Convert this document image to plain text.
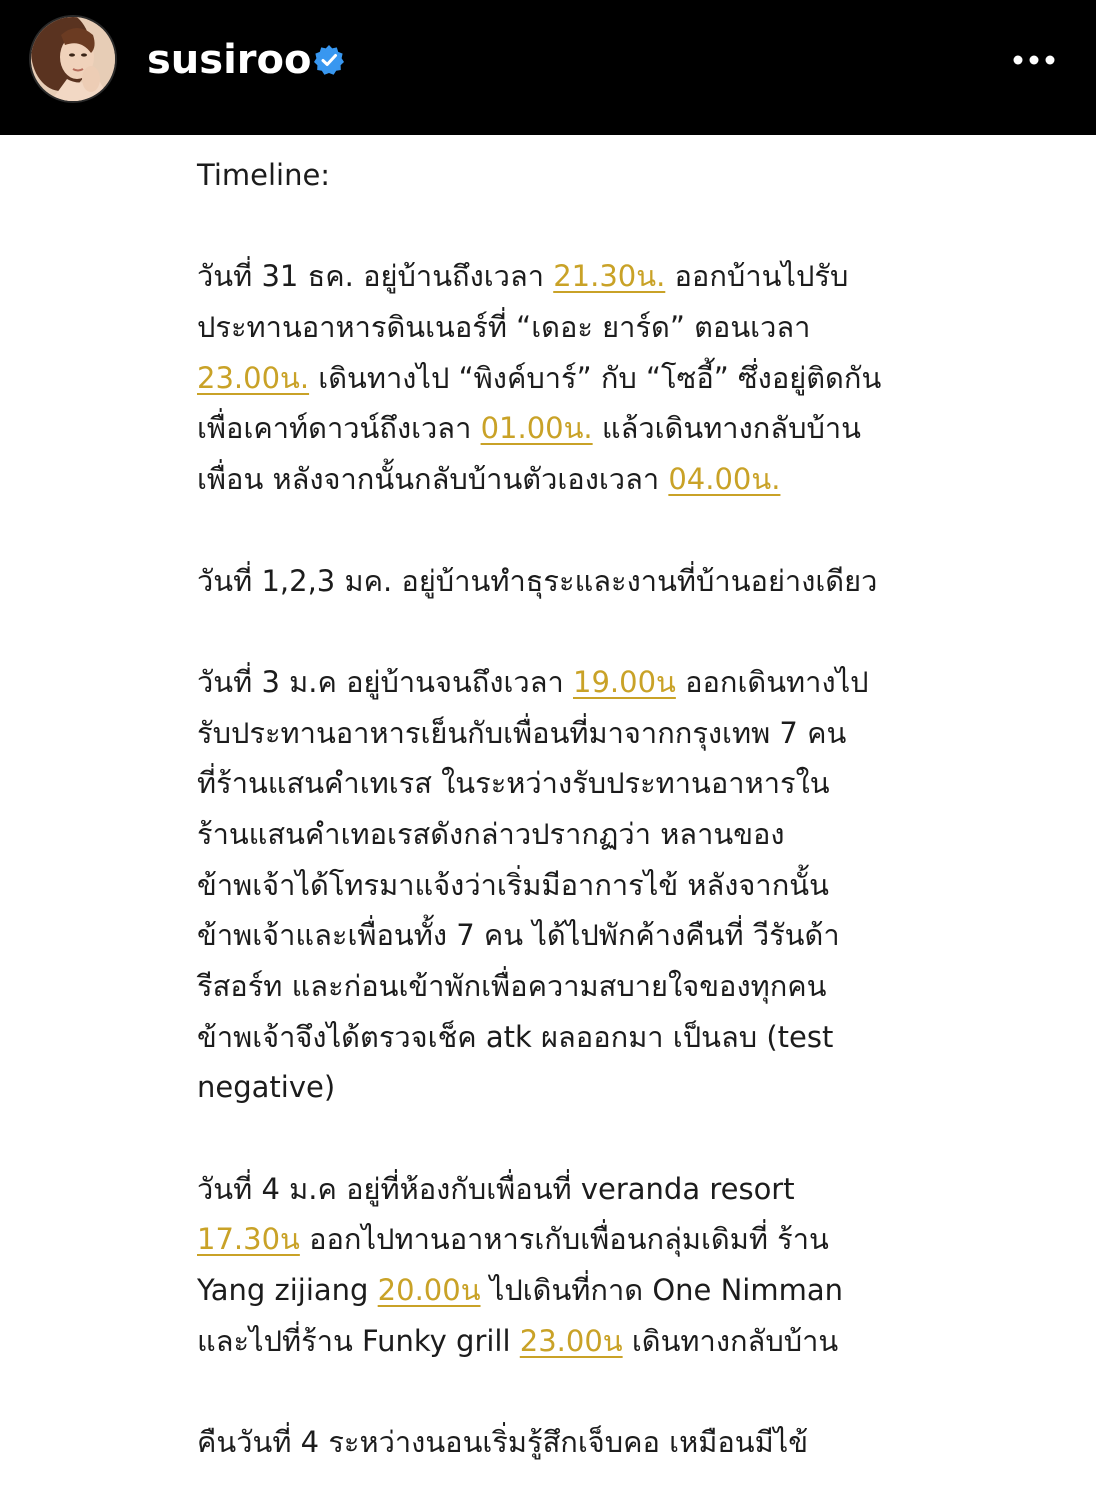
susiroo
Timeline:
วันที่ 31 ธค. อยู่บ้านถึงเวลา 21.30น. ออกบ้านไปรับ
ประทานอาหารดินเนอร์ที่ “เดอะ ยาร์ด” ตอนเวลา
23.00น. เดินทางไป “พิงค์บาร์” กับ “โซอี้” ซึ่งอยู่ติดกัน
เพื่อเคาท์ดาวน์ถึงเวลา 01.00น. แล้วเดินทางกลับบ้าน
เพื่อน หลังจากนั้นกลับบ้านตัวเองเวลา 04.00น.
วันที่ 1,2,3 มค. อยู่บ้านทำธุระและงานที่บ้านอย่างเดียว
วันที่ 3 ม.ค อยู่บ้านจนถึงเวลา 19.00น ออกเดินทางไป
รับประทานอาหารเย็นกับเพื่อนที่มาจากกรุงเทพ 7 คน
ที่ร้านแสนคำเทเรส ในระหว่างรับประทานอาหารใน
ร้านแสนคำเทอเรสดังกล่าวปรากฏว่า หลานของ
ข้าพเจ้าได้โทรมาแจ้งว่าเริ่มมีอาการไข้ หลังจากนั้น
ข้าพเจ้าและเพื่อนทั้ง 7 คน ได้ไปพักค้างคืนที่ วีรันด้า
รีสอร์ท และก่อนเข้าพักเพื่อความสบายใจของทุกคน
ข้าพเจ้าจึงได้ตรวจเช็ค atk ผลออกมา เป็นลบ (test
negative)
วันที่ 4 ม.ค อยู่ที่ห้องกับเพื่อนที่ veranda resort
17.30น ออกไปทานอาหารเกับเพื่อนกลุ่มเดิมที่ ร้าน
Yang zijiang 20.00น ไปเดินที่กาด One Nimman
และไปที่ร้าน Funky grill 23.00น เดินทางกลับบ้าน
คืนวันที่ 4 ระหว่างนอนเริ่มรู้สึกเจ็บคอ เหมือนมีไข้
